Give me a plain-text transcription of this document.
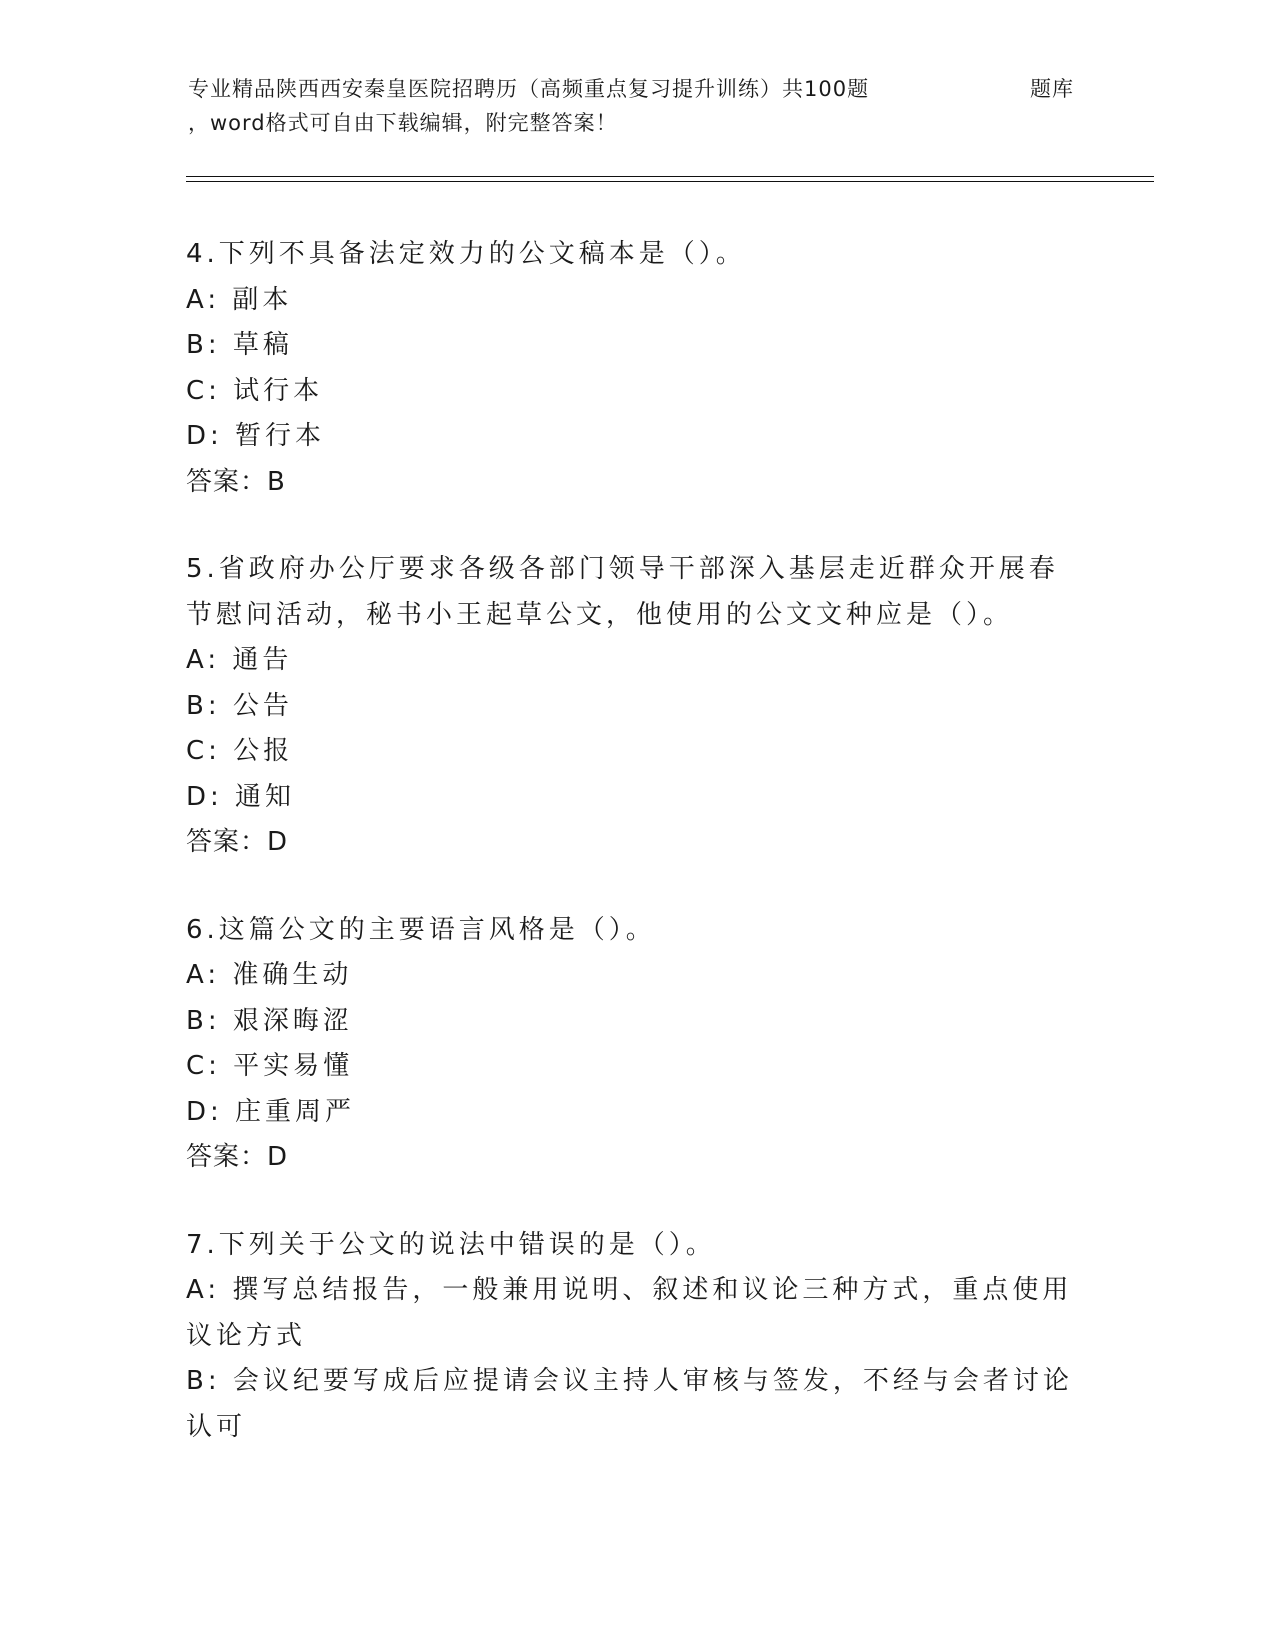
专业精品陕西西安秦皇医院招聘历（高频重点复习提升训练）共100题	题库
，word格式可自由下载编辑，附完整答案！
4.下列不具备法定效力的公文稿本是（）。
A: 副本
B: 草稿
C: 试行本
D: 暂行本
答案：B
5.省政府办公厅要求各级各部门领导干部深入基层走近群众开展春节慰问活动，秘书小王起草公文，他使用的公文文种应是（）。
A: 通告
B: 公告
C: 公报
D: 通知
答案：D
6.这篇公文的主要语言风格是（）。
A: 准确生动
B: 艰深晦涩
C: 平实易懂
D: 庄重周严
答案：D
7.下列关于公文的说法中错误的是（）。
A: 撰写总结报告，一般兼用说明、叙述和议论三种方式，重点使用议论方式
B: 会议纪要写成后应提请会议主持人审核与签发，不经与会者讨论认可
